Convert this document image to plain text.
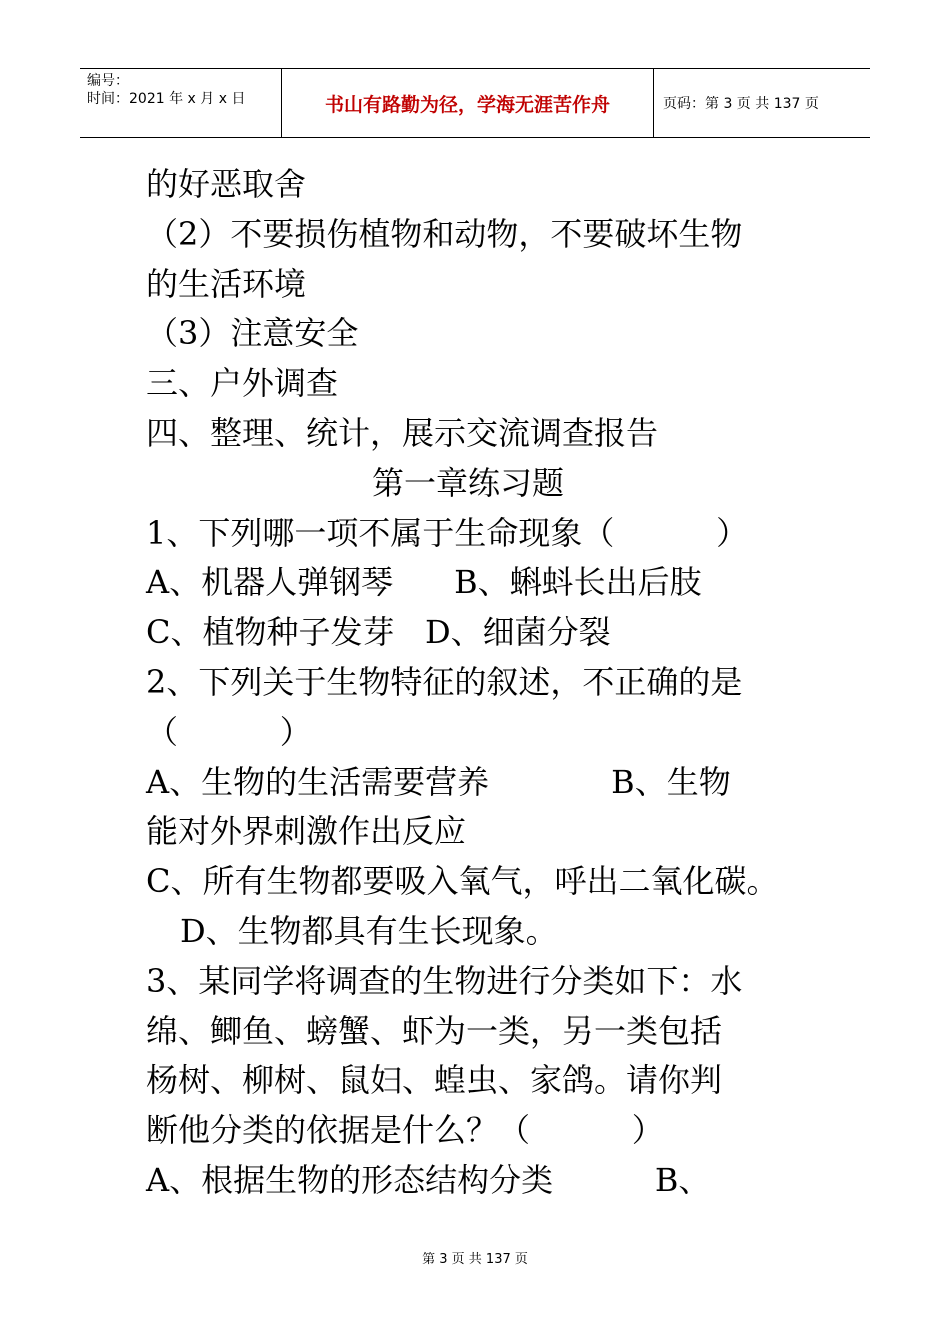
编号：
时间：2021 年 x 月 x 日	书山有路勤为径，学海无涯苦作舟	页码：第 3 页 共 137 页
的好恶取舍
（2）不要损伤植物和动物，不要破坏生物
的生活环境
（3）注意安全
三、户外调查
四、整理、统计，展示交流调查报告
第一章练习题
1、下列哪一项不属于生命现象（          ）
A、机器人弹钢琴      B、蝌蚪长出后肢
C、植物种子发芽   D、细菌分裂
2、下列关于生物特征的叙述，不正确的是
（          ）
A、生物的生活需要营养            B、生物
能对外界刺激作出反应
C、所有生物都要吸入氧气，呼出二氧化碳。
D、生物都具有生长现象。
3、某同学将调查的生物进行分类如下：水
绵、鲫鱼、螃蟹、虾为一类，另一类包括
杨树、柳树、鼠妇、蝗虫、家鸽。请你判
断他分类的依据是什么？（          ）
A、根据生物的形态结构分类          B、
第 3 页 共 137 页
